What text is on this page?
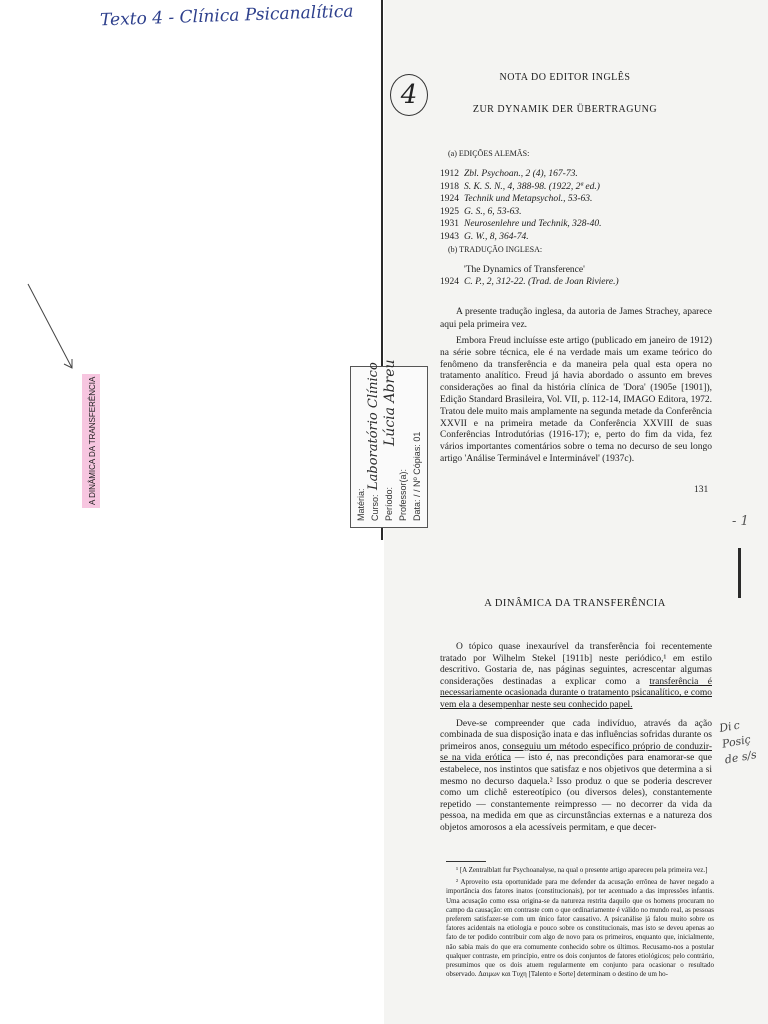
Texto 4 - Clínica Psicanalítica
4
A DINÂMICA DA TRANSFERÊNCIA	Matéria: Curso: Período: Professor(a): Data: / / Nº Cópias: 01
Laboratório Clínico Lúcia Abreu
NOTA DO EDITOR INGLÊS
ZUR DYNAMIK DER ÜBERTRAGUNG
(a) EDIÇÕES ALEMÃS:
1912 Zbl. Psychoan., 2 (4), 167-73.
1918 S. K. S. N., 4, 388-98. (1922, 2ª ed.)
1924 Technik und Metapsychol., 53-63.
1925 G. S., 6, 53-63.
1931 Neurosenlehre und Technik, 328-40.
1943 G. W., 8, 364-74.
(b) TRADUÇÃO INGLESA:
'The Dynamics of Transference'
1924 C. P., 2, 312-22. (Trad. de Joan Riviere.)

A presente tradução inglesa, da autoria de James Strachey, aparece aqui pela primeira vez.

Embora Freud incluísse este artigo (publicado em janeiro de 1912) na série sobre técnica, ele é na verdade mais um exame teórico do fenômeno da transferência e da maneira pela qual esta opera no tratamento analítico. Freud já havia abordado o assunto em breves considerações ao final da história clínica de 'Dora' (1905e [1901]), Edição Standard Brasileira, Vol. VII, p. 112-14, IMAGO Editora, 1972. Tratou dele muito mais amplamente na segunda metade da Conferência XXVII e na primeira metade da Conferência XXVIII de suas Conferências Introdutórias (1916-17); e, perto do fim da vida, fez vários importantes comentários sobre o tema no decurso de seu longo artigo 'Análise Terminável e Interminável' (1937c).

131
- 1
A DINÂMICA DA TRANSFERÊNCIA

O tópico quase inexaurível da transferência foi recentemente tratado por Wilhelm Stekel [1911b] neste periódico,¹ em estilo descritivo. Gostaria de, nas páginas seguintes, acrescentar algumas considerações destinadas a explicar como a transferência é necessariamente ocasionada durante o tratamento psicanalítico, e como vem ela a desempenhar neste seu conhecido papel.

Deve-se compreender que cada indivíduo, através da ação combinada de sua disposição inata e das influências sofridas durante os primeiros anos, conseguiu um método específico próprio de conduzir-se na vida erótica — isto é, nas precondições para enamorar-se que estabelece, nos instintos que satisfaz e nos objetivos que determina a si mesmo no decurso daquela.² Isso produz o que se poderia descrever como um clichê estereotípico (ou diversos deles), constantemente repetido — constantemente reimpresso — no decorrer da vida da pessoa, na medida em que as circunstâncias externas e a natureza dos objetos amorosos a ela acessíveis permitam, e que decer-

Di c
Posiç
de s/s

¹ [A Zentralblatt fur Psychoanalyse, na qual o presente artigo apareceu pela primeira vez.]

² Aproveito esta oportunidade para me defender da acusação errônea de haver negado a importância dos fatores inatos (constitucionais), por ter acentuado a das impressões infantis. Uma acusação como essa origina-se da natureza restrita daquilo que os homens procuram no campo da causação: em contraste com o que ordinariamente é válido no mundo real, as pessoas preferem satisfazer-se com um único fator causativo. A psicanálise já falou muito sobre os fatores acidentais na etiologia e pouco sobre os constitucionais, mas isto se deveu apenas ao fato de ter podido contribuir com algo de novo para os primeiros, enquanto que, inicialmente, não sabia mais do que era comumente conhecido sobre os últimos. Recusamo-nos a postular qualquer contraste, em princípio, entre os dois conjuntos de fatores etiológicos; pelo contrário, presumimos que os dois atuem regularmente em conjunto para ocasionar o resultado observado. Δαιμων και Τυχη [Talento e Sorte] determinam o destino de um ho-
